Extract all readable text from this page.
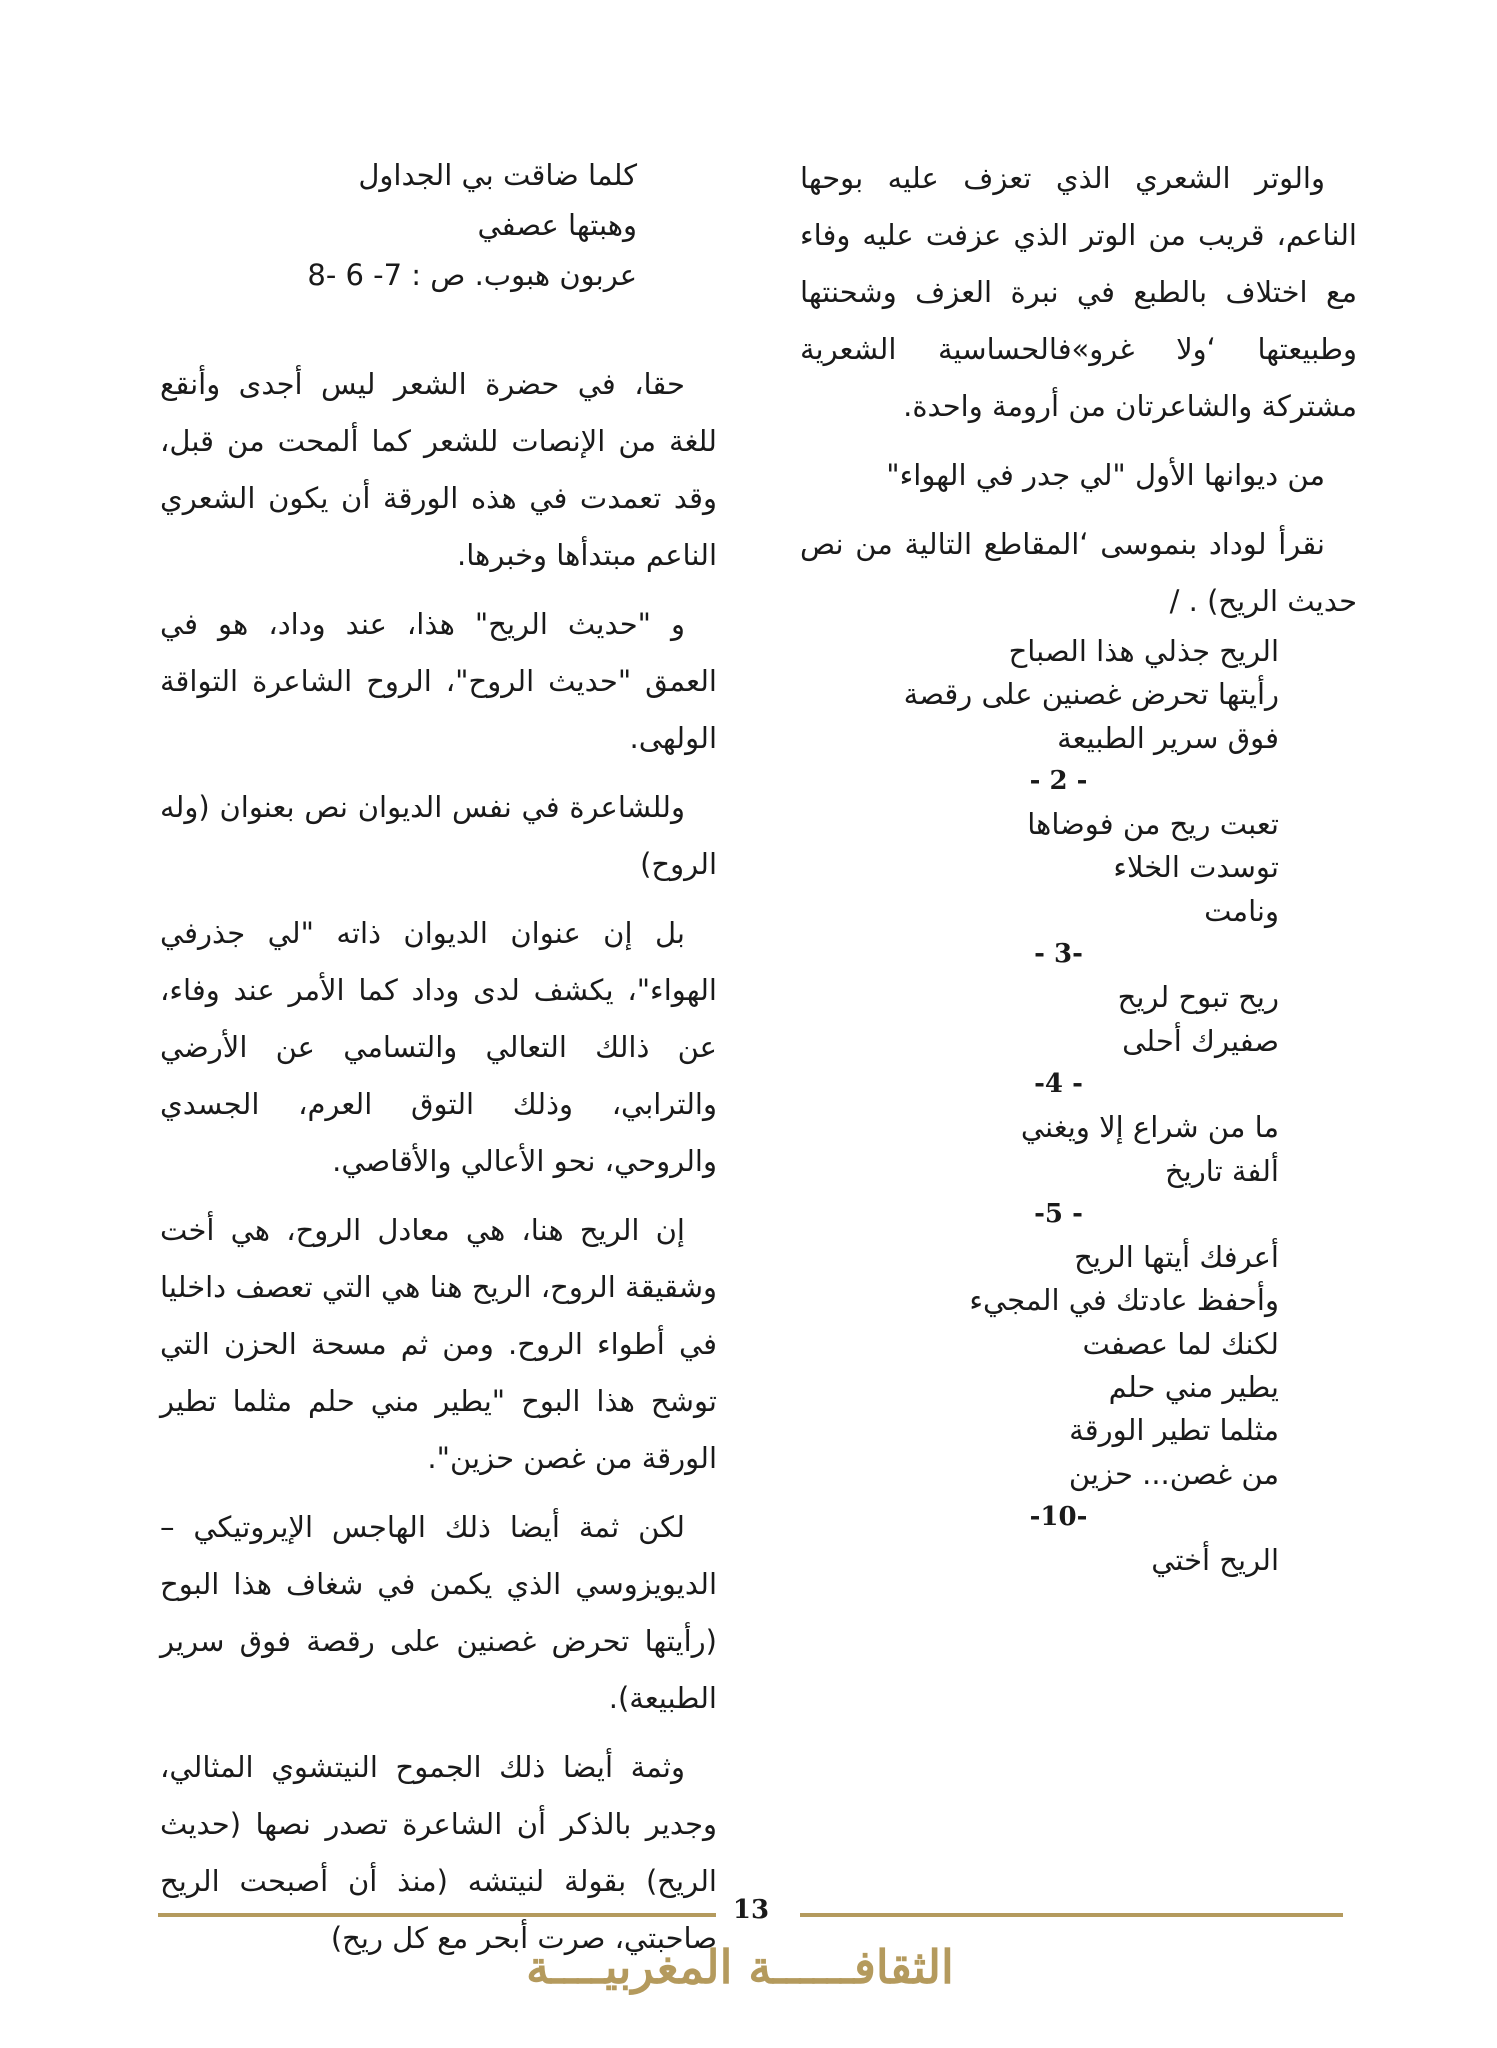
والوتر الشعري الذي تعزف عليه بوحها الناعم، قريب من الوتر الذي عزفت عليه وفاء مع اختلاف بالطبع في نبرة العزف وشحنتها وطبيعتها ‘ولا غرو»فالحساسية الشعرية مشتركة والشاعرتان من أرومة واحدة.

من ديوانها الأول "لي جدر في الهواء"

نقرأ لوداد بنموسى ‘المقاطع التالية من نص حديث الريح) . /

الريح جذلي هذا الصباح
رأيتها تحرض غصنين على رقصة
فوق سرير الطبيعة
- 2 -
تعبت ريح من فوضاها
توسدت الخلاء
ونامت
-3 -
ريح تبوح لريح
صفيرك أحلى
- 4-
ما من شراع إلا ويغني
ألفة تاريخ
- 5-
أعرفك أيتها الريح
وأحفظ عادتك في المجيء
لكنك لما عصفت
يطير مني حلم
مثلما تطير الورقة
من غصن... حزين
-10-
الريح أختي
كلما ضاقت بي الجداول
وهبتها عصفي
عربون هبوب. ص : 7- 6 -8

حقا، في حضرة الشعر ليس أجدى وأنقع للغة من الإنصات للشعر كما ألمحت من قبل، وقد تعمدت في هذه الورقة أن يكون الشعري الناعم مبتدأها وخبرها.

و "حديث الريح" هذا، عند وداد، هو في العمق "حديث الروح"، الروح الشاعرة التواقة الولهى.

وللشاعرة في نفس الديوان نص بعنوان (وله الروح)

بل إن عنوان الديوان ذاته "لي جذرفي الهواء"، يكشف لدى وداد كما الأمر عند وفاء، عن ذالك التعالي والتسامي عن الأرضي والترابي، وذلك التوق العرم، الجسدي والروحي، نحو الأعالي والأقاصي.

إن الريح هنا، هي معادل الروح، هي أخت وشقيقة الروح، الريح هنا هي التي تعصف داخليا في أطواء الروح. ومن ثم مسحة الحزن التي توشح هذا البوح "يطير مني حلم مثلما تطير الورقة من غصن حزين".

لكن ثمة أيضا ذلك الهاجس الإيروتيكي – الديويزوسي الذي يكمن في شغاف هذا البوح (رأيتها تحرض غصنين على رقصة فوق سرير الطبيعة).

وثمة أيضا ذلك الجموح النيتشوي المثالي، وجدير بالذكر أن الشاعرة تصدر نصها (حديث الريح) بقولة لنيتشه (منذ أن أصبحت الريح صاحبتي، صرت أبحر مع كل ريح)

13
الثقافــــــة المغربيــــة
